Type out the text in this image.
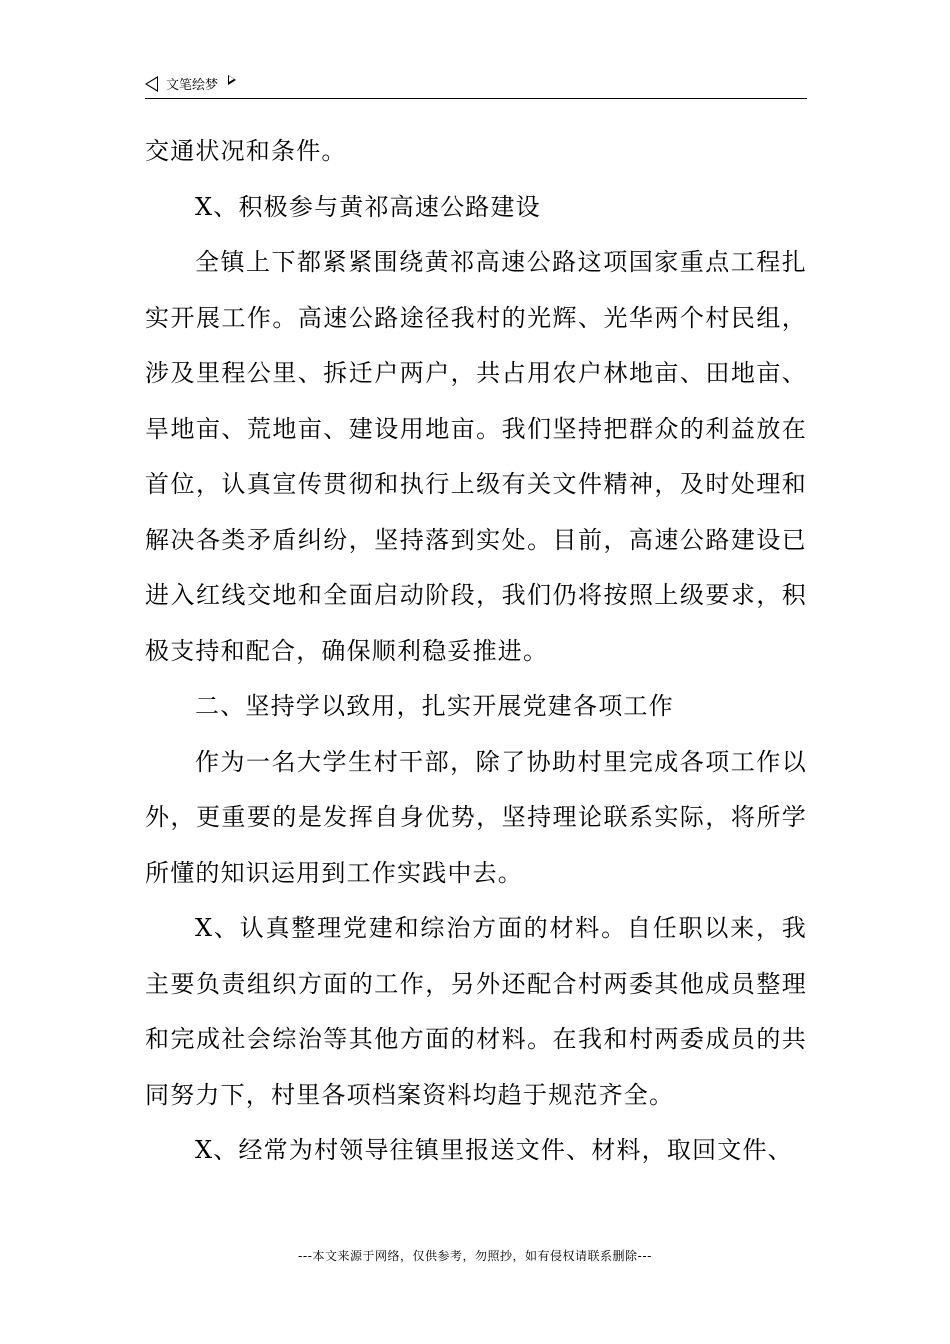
文笔绘梦

交通状况和条件。

X、积极参与黄祁高速公路建设

全镇上下都紧紧围绕黄祁高速公路这项国家重点工程扎实开展工作。高速公路途径我村的光辉、光华两个村民组，涉及里程公里、拆迁户两户，共占用农户林地亩、田地亩、旱地亩、荒地亩、建设用地亩。我们坚持把群众的利益放在首位，认真宣传贯彻和执行上级有关文件精神，及时处理和解决各类矛盾纠纷，坚持落到实处。目前，高速公路建设已进入红线交地和全面启动阶段，我们仍将按照上级要求，积极支持和配合，确保顺利稳妥推进。

二、坚持学以致用，扎实开展党建各项工作

作为一名大学生村干部，除了协助村里完成各项工作以外，更重要的是发挥自身优势，坚持理论联系实际，将所学所懂的知识运用到工作实践中去。

X、认真整理党建和综治方面的材料。自任职以来，我主要负责组织方面的工作，另外还配合村两委其他成员整理和完成社会综治等其他方面的材料。在我和村两委成员的共同努力下，村里各项档案资料均趋于规范齐全。

X、经常为村领导往镇里报送文件、材料，取回文件、

---本文来源于网络，仅供参考，勿照抄，如有侵权请联系删除---
